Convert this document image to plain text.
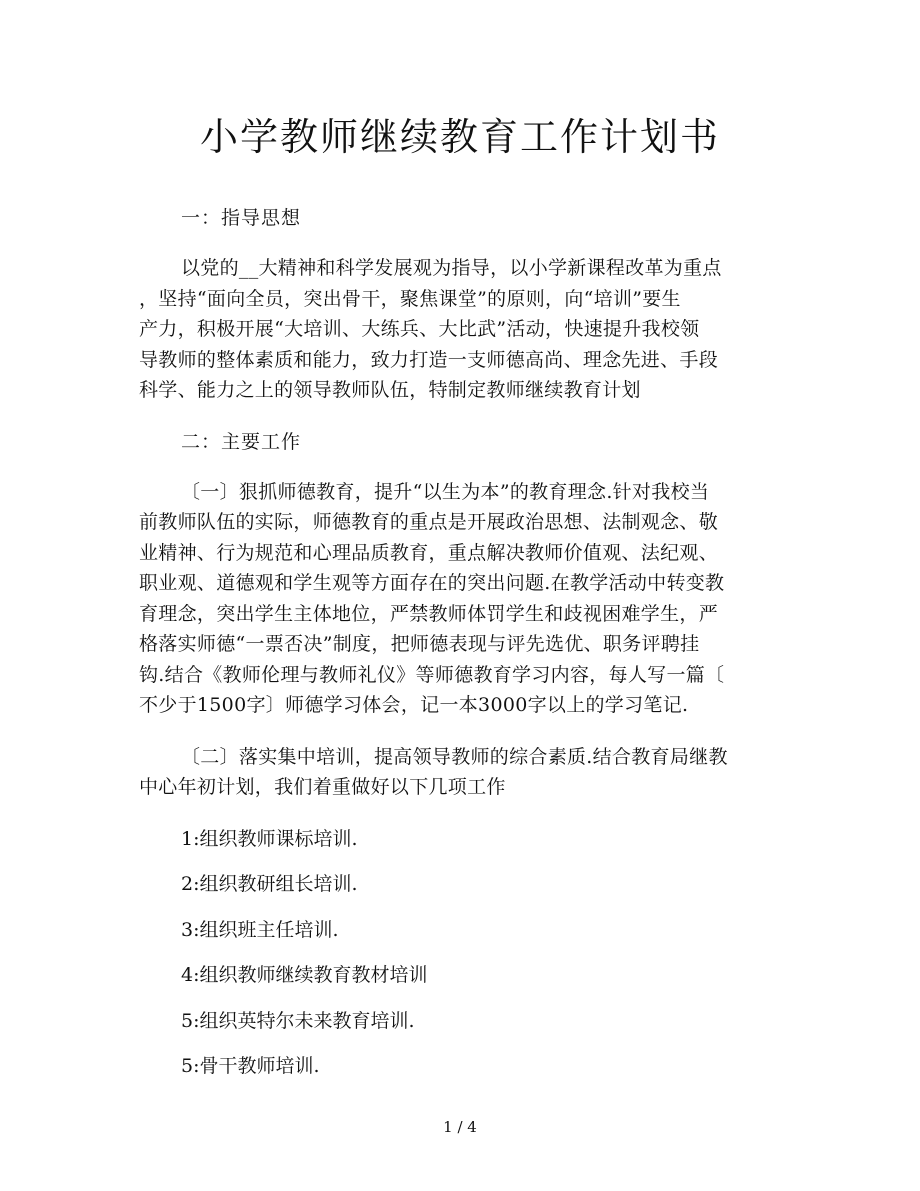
小学教师继续教育工作计划书

一：指导思想

以党的__大精神和科学发展观为指导，以小学新课程改革为重点
，坚持“面向全员，突出骨干，聚焦课堂”的原则，向“培训”要生
产力，积极开展“大培训、大练兵、大比武”活动，快速提升我校领
导教师的整体素质和能力，致力打造一支师德高尚、理念先进、手段
科学、能力之上的领导教师队伍，特制定教师继续教育计划

二：主要工作

〔一〕狠抓师德教育，提升“以生为本”的教育理念.针对我校当
前教师队伍的实际，师德教育的重点是开展政治思想、法制观念、敬
业精神、行为规范和心理品质教育，重点解决教师价值观、法纪观、
职业观、道德观和学生观等方面存在的突出问题.在教学活动中转变教
育理念，突出学生主体地位，严禁教师体罚学生和歧视困难学生，严
格落实师德“一票否决”制度，把师德表现与评先选优、职务评聘挂
钩.结合《教师伦理与教师礼仪》等师德教育学习内容，每人写一篇〔
不少于1500字〕师德学习体会，记一本3000字以上的学习笔记.
〔二〕落实集中培训，提高领导教师的综合素质.结合教育局继教
中心年初计划，我们着重做好以下几项工作
1:组织教师课标培训.
2:组织教研组长培训.
3:组织班主任培训.
4:组织教师继续教育教材培训
5:组织英特尔未来教育培训.
5:骨干教师培训.
1 / 4
